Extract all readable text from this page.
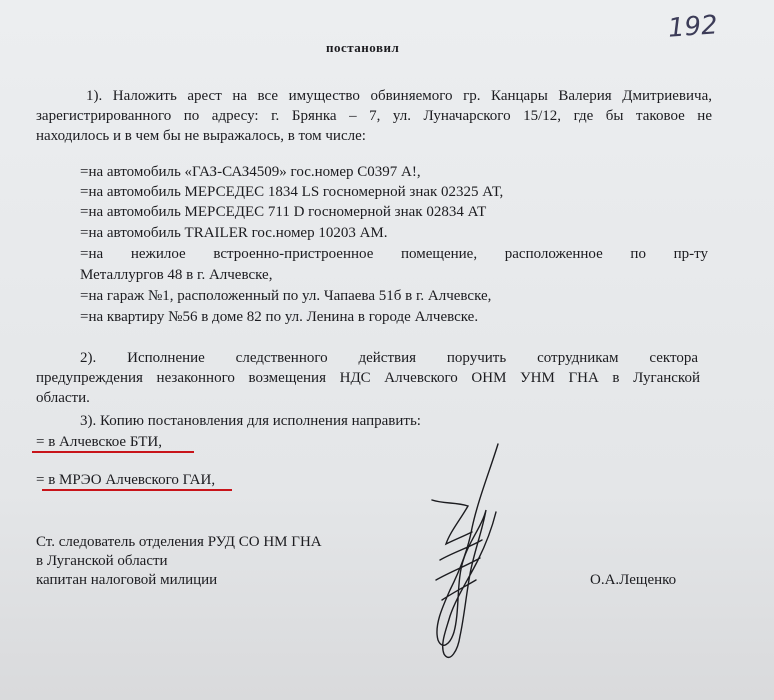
192
постановил
1). Наложить арест на все имущество обвиняемого гр. Канцары Валерия Дмитриевича,
зарегистрированного по адресу: г. Брянка – 7, ул. Луначарского 15/12, где бы таковое не
находилось и в чем бы не выражалось, в том числе:
=на автомобиль «ГАЗ-САЗ4509» гос.номер С0397 А!,
=на автомобиль МЕРСЕДЕС 1834 LS госномерной знак 02325 АТ,
=на автомобиль МЕРСЕДЕС 711 D госномерной знак 02834 АТ
=на автомобиль TRAILER гос.номер 10203 АМ.
=на нежилое встроенно-пристроенное помещение, расположенное по пр-ту
Металлургов 48 в г. Алчевске,
=на гараж №1, расположенный по ул. Чапаева 51б в г. Алчевске,
=на квартиру №56 в доме 82 по ул. Ленина в городе Алчевске.
2). Исполнение следственного действия поручить сотрудникам сектора
предупреждения незаконного возмещения НДС Алчевского ОНМ УНМ ГНА в Луганской
области.
3). Копию постановления для исполнения направить:
= в Алчевское БТИ,
= в МРЭО Алчевского ГАИ,
Ст. следователь отделения РУД СО НМ ГНА
в Луганской области
капитан налоговой милиции	О.А.Лещенко
